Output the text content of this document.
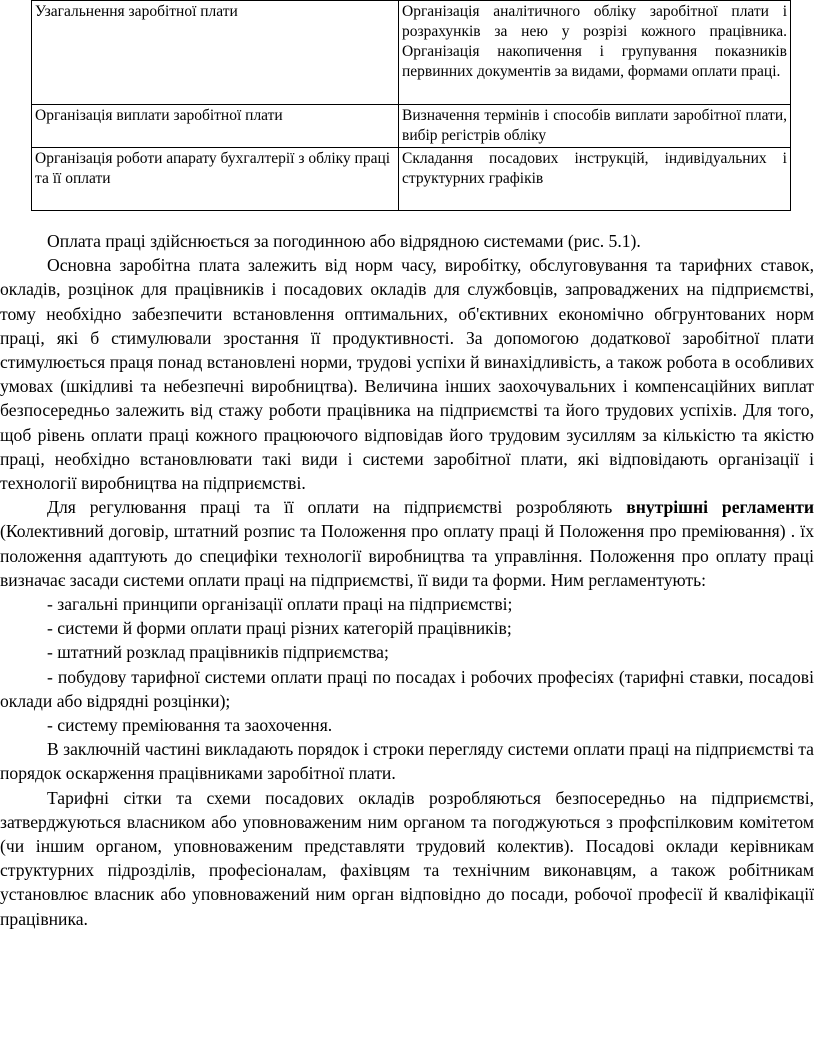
Узагальнення заробітної плати	Організація аналітичного обліку заробітної плати і розрахунків за нею у розрізі кожного працівника. Організація накопичення і групування показників первинних документів за видами, формами оплати праці.
Організація виплати заробітної плати	Визначення термінів і способів виплати заробітної плати, вибір регістрів обліку
Організація роботи апарату бухгалтерії з обліку праці та її оплати	Складання посадових інструкцій, індивідуальних і структурних графіків

Оплата праці здійснюється за погодинною або відрядною системами (рис. 5.1).

Основна заробітна плата залежить від норм часу, виробітку, обслуговування та тарифних ставок, окладів, розцінок для працівників і посадових окладів для службовців, запроваджених на підприємстві, тому необхідно забезпечити встановлення оптимальних, об'єктивних економічно обгрунтованих норм праці, які б стимулювали зростання її продуктивності. За допомогою додаткової заробітної плати стимулюється праця понад встановлені норми, трудові успіхи й винахідливість, а також робота в особливих умовах (шкідливі та небезпечні виробництва). Величина інших заохочувальних і компенсаційних виплат безпосередньо залежить від стажу роботи працівника на підприємстві та його трудових успіхів. Для того, щоб рівень оплати праці кожного працюючого відповідав його трудовим зусиллям за кількістю та якістю праці, необхідно встановлювати такі види і системи заробітної плати, які відповідають організації і технології виробництва на підприємстві.

Для регулювання праці та її оплати на підприємстві розробляють внутрішні регламенти (Колективний договір, штатний розпис та Положення про оплату праці й Положення про преміювання) . їх положення адаптують до специфіки технології виробництва та управління. Положення про оплату праці визначає засади системи оплати праці на підприємстві, її види та форми. Ним регламентують:

- загальні принципи організації оплати праці на підприємстві;

- системи й форми оплати праці різних категорій працівників;

- штатний розклад працівників підприємства;

- побудову тарифної системи оплати праці по посадах і робочих професіях (тарифні ставки, посадові оклади або відрядні розцінки);

- систему преміювання та заохочення.

В заключній частині викладають порядок і строки перегляду системи оплати праці на підприємстві та порядок оскарження працівниками заробітної плати.

Тарифні сітки та схеми посадових окладів розробляються безпосередньо на підприємстві, затверджуються власником або уповноваженим ним органом та погоджуються з профспілковим комітетом (чи іншим органом, уповноваженим представляти трудовий колектив). Посадові оклади керівникам структурних підрозділів, професіоналам, фахівцям та технічним виконавцям, а також робітникам установлює власник або уповноважений ним орган відповідно до посади, робочої професії й кваліфікації працівника.
